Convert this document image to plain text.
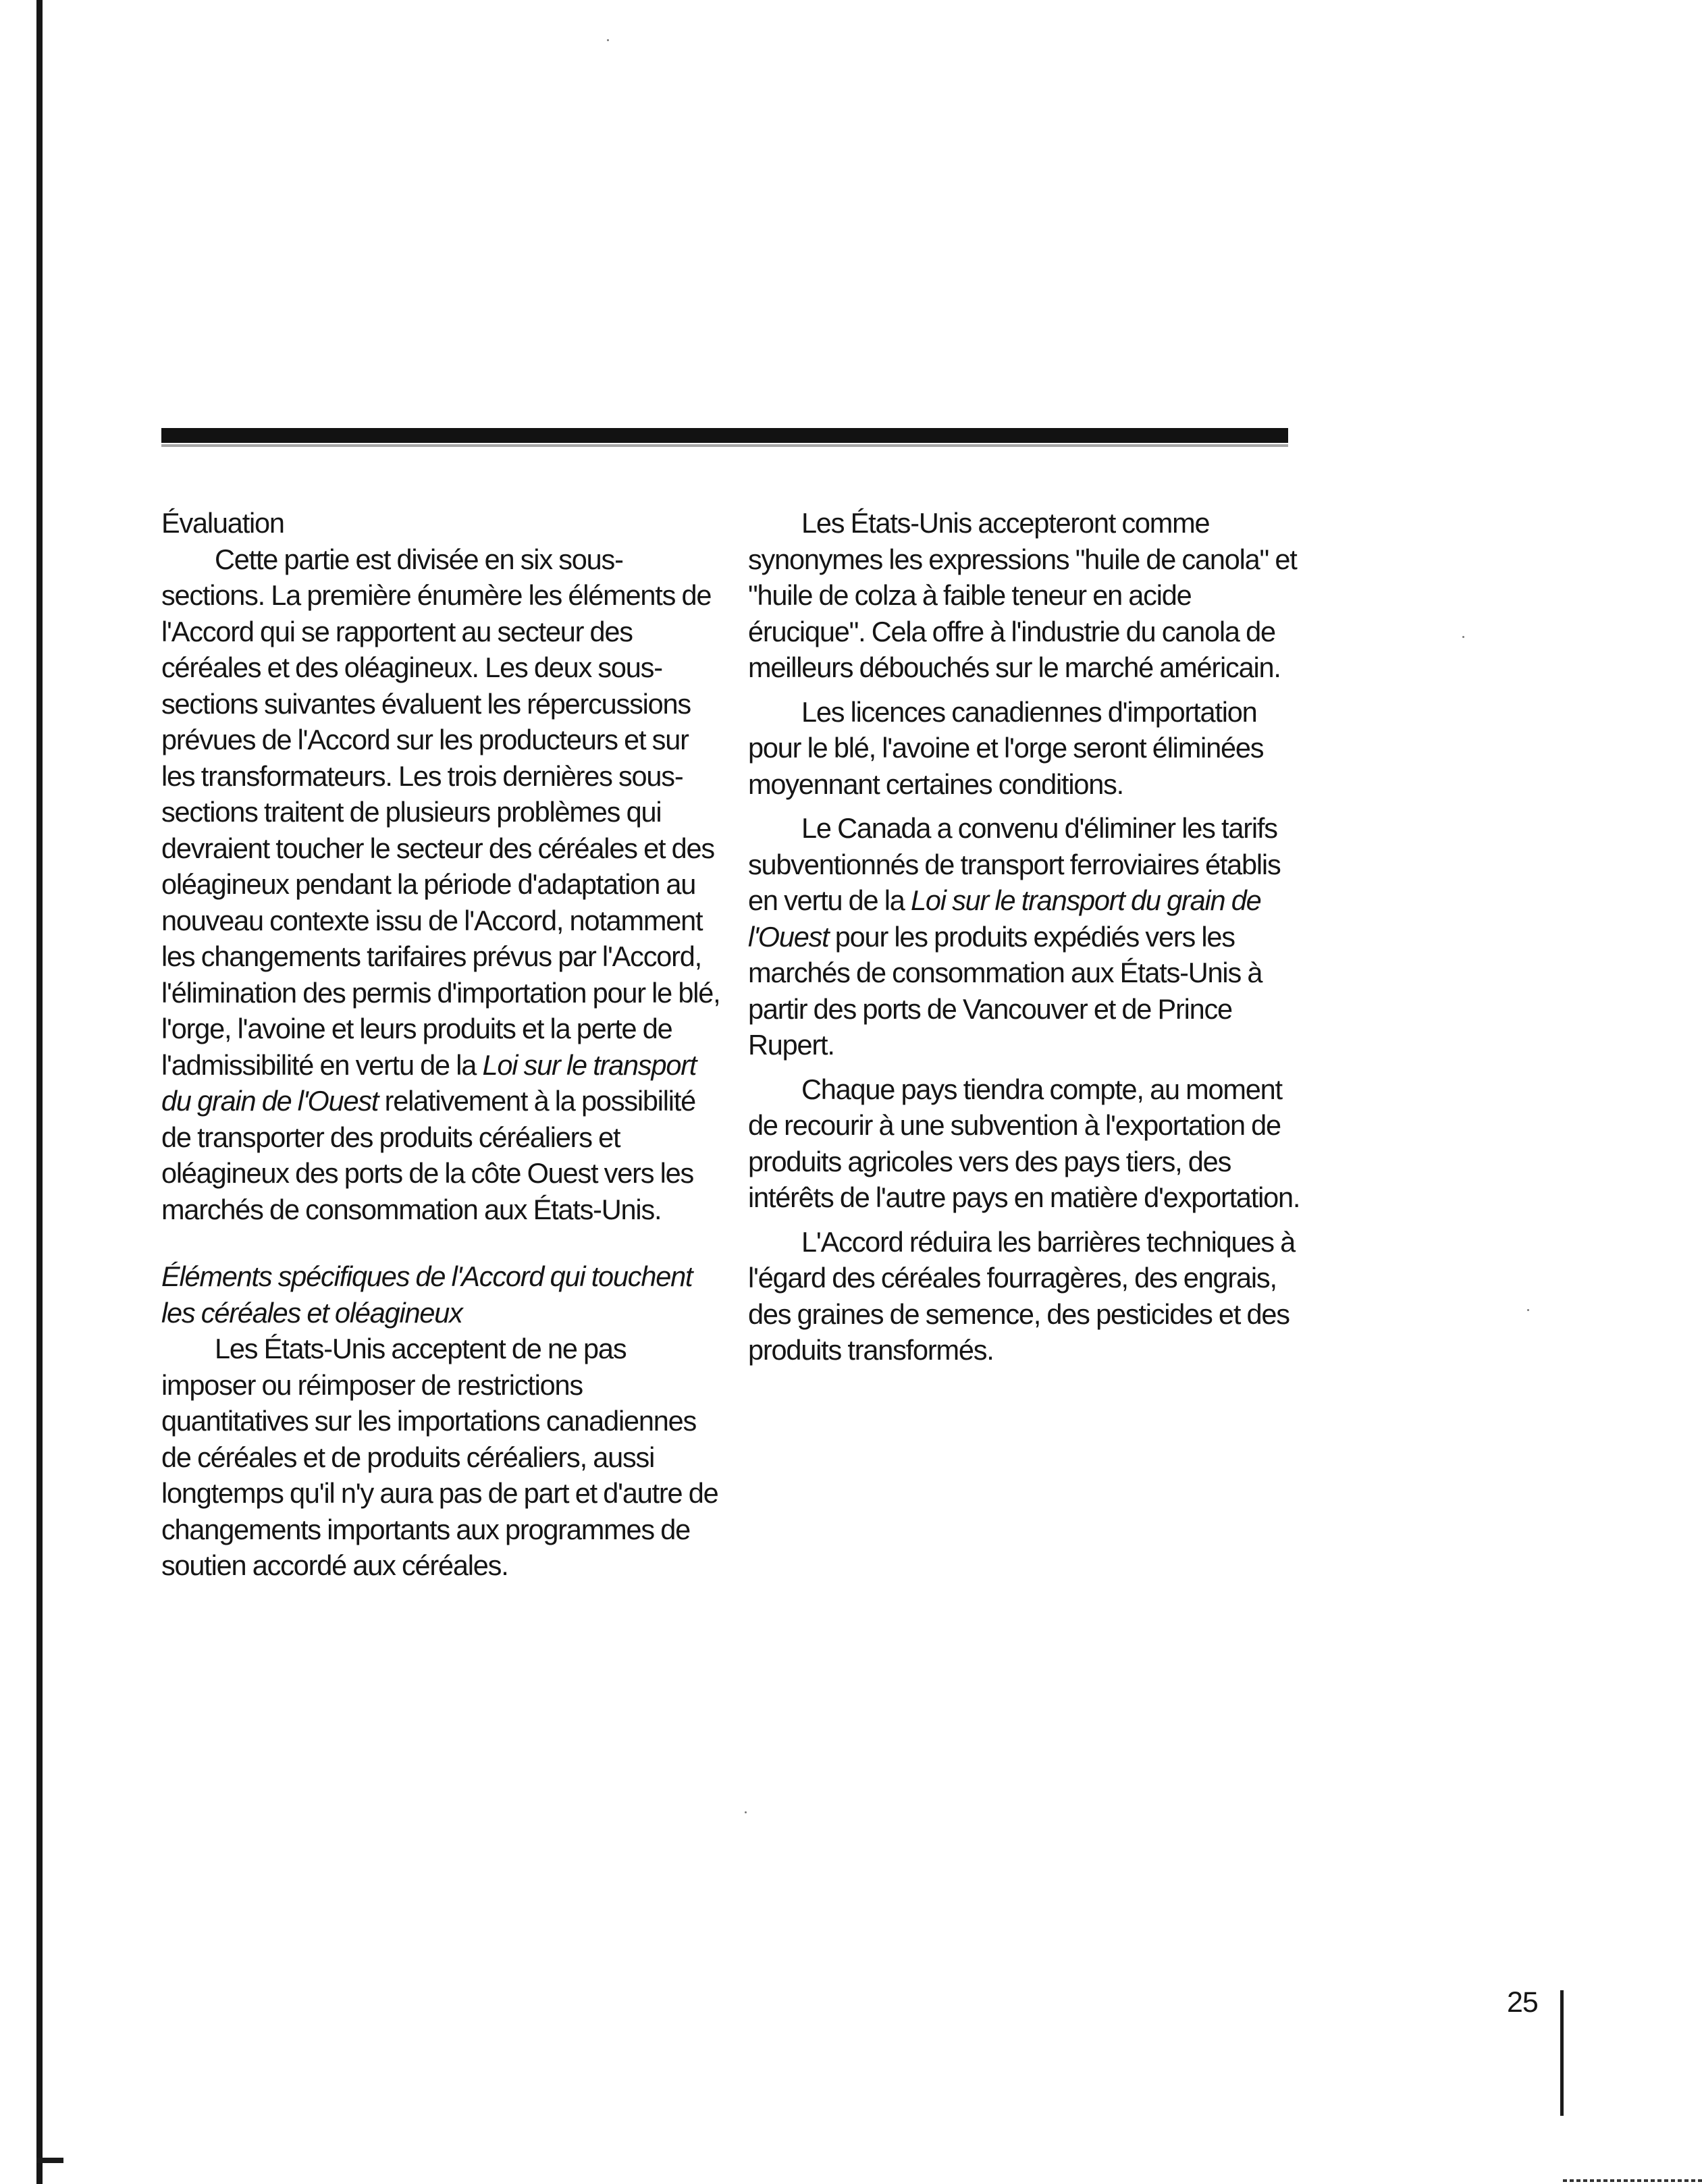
Évaluation

Cette partie est divisée en six sous-sections. La première énumère les éléments de l'Accord qui se rapportent au secteur des céréales et des oléagineux. Les deux sous-sections suivantes évaluent les répercussions prévues de l'Accord sur les producteurs et sur les transformateurs. Les trois dernières sous-sections traitent de plusieurs problèmes qui devraient toucher le secteur des céréales et des oléagineux pendant la période d'adaptation au nouveau contexte issu de l'Accord, notamment les changements tarifaires prévus par l'Accord, l'élimination des permis d'importation pour le blé, l'orge, l'avoine et leurs produits et la perte de l'admissibilité en vertu de la Loi sur le transport du grain de l'Ouest relativement à la possibilité de transporter des produits céréaliers et oléagineux des ports de la côte Ouest vers les marchés de consommation aux États-Unis.

Éléments spécifiques de l'Accord qui touchent les céréales et oléagineux

Les États-Unis acceptent de ne pas imposer ou réimposer de restrictions quantitatives sur les importations canadiennes de céréales et de produits céréaliers, aussi longtemps qu'il n'y aura pas de part et d'autre de changements importants aux programmes de soutien accordé aux céréales.

Les États-Unis accepteront comme synonymes les expressions "huile de canola" et "huile de colza à faible teneur en acide érucique". Cela offre à l'industrie du canola de meilleurs débouchés sur le marché américain.

Les licences canadiennes d'importation pour le blé, l'avoine et l'orge seront éliminées moyennant certaines conditions.

Le Canada a convenu d'éliminer les tarifs subventionnés de transport ferroviaires établis en vertu de la Loi sur le transport du grain de l'Ouest pour les produits expédiés vers les marchés de consommation aux États-Unis à partir des ports de Vancouver et de Prince Rupert.

Chaque pays tiendra compte, au moment de recourir à une subvention à l'exportation de produits agricoles vers des pays tiers, des intérêts de l'autre pays en matière d'exportation.

L'Accord réduira les barrières techniques à l'égard des céréales fourragères, des engrais, des graines de semence, des pesticides et des produits transformés.

25
